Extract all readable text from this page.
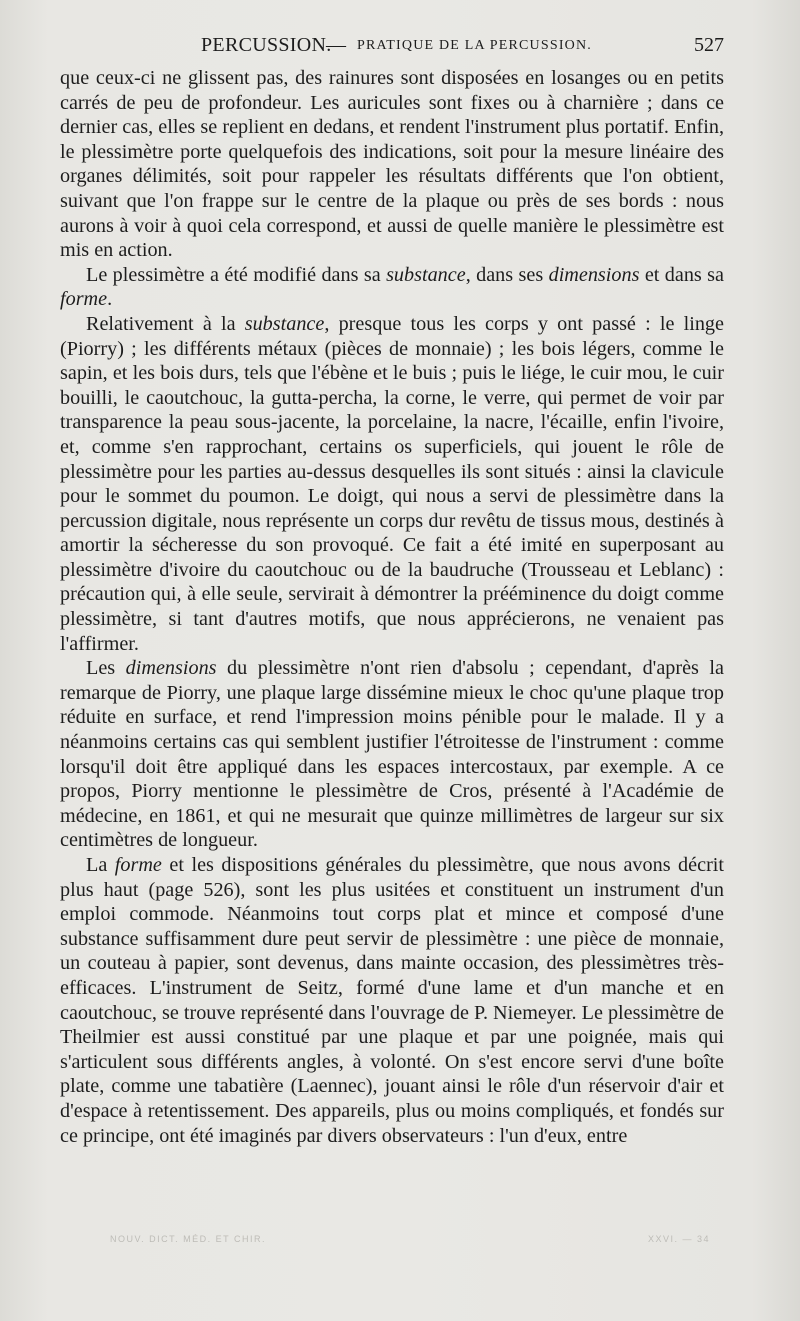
PERCUSSION.
— PRATIQUE DE LA PERCUSSION.	527

que ceux-ci ne glissent pas, des rainures sont disposées en losanges ou en petits carrés de peu de profondeur. Les auricules sont fixes ou à charnière ; dans ce dernier cas, elles se replient en dedans, et rendent l'instrument plus portatif. Enfin, le plessimètre porte quelquefois des indications, soit pour la mesure linéaire des organes délimités, soit pour rappeler les résultats différents que l'on obtient, suivant que l'on frappe sur le centre de la plaque ou près de ses bords : nous aurons à voir à quoi cela correspond, et aussi de quelle manière le plessimètre est mis en action.

Le plessimètre a été modifié dans sa substance, dans ses dimensions et dans sa forme.

Relativement à la substance, presque tous les corps y ont passé : le linge (Piorry) ; les différents métaux (pièces de monnaie) ; les bois légers, comme le sapin, et les bois durs, tels que l'ébène et le buis ; puis le liége, le cuir mou, le cuir bouilli, le caoutchouc, la gutta-percha, la corne, le verre, qui permet de voir par transparence la peau sous-jacente, la porcelaine, la nacre, l'écaille, enfin l'ivoire, et, comme s'en rapprochant, certains os superficiels, qui jouent le rôle de plessimètre pour les parties au-dessus desquelles ils sont situés : ainsi la clavicule pour le sommet du poumon. Le doigt, qui nous a servi de plessimètre dans la percussion digitale, nous représente un corps dur revêtu de tissus mous, destinés à amortir la sécheresse du son provoqué. Ce fait a été imité en superposant au plessimètre d'ivoire du caoutchouc ou de la baudruche (Trousseau et Leblanc) : précaution qui, à elle seule, servirait à démontrer la prééminence du doigt comme plessimètre, si tant d'autres motifs, que nous apprécierons, ne venaient pas l'affirmer.

Les dimensions du plessimètre n'ont rien d'absolu ; cependant, d'après la remarque de Piorry, une plaque large dissémine mieux le choc qu'une plaque trop réduite en surface, et rend l'impression moins pénible pour le malade. Il y a néanmoins certains cas qui semblent justifier l'étroitesse de l'instrument : comme lorsqu'il doit être appliqué dans les espaces intercostaux, par exemple. A ce propos, Piorry mentionne le plessimètre de Cros, présenté à l'Académie de médecine, en 1861, et qui ne mesurait que quinze millimètres de largeur sur six centimètres de longueur.

La forme et les dispositions générales du plessimètre, que nous avons décrit plus haut (page 526), sont les plus usitées et constituent un instrument d'un emploi commode. Néanmoins tout corps plat et mince et composé d'une substance suffisamment dure peut servir de plessimètre : une pièce de monnaie, un couteau à papier, sont devenus, dans mainte occasion, des plessimètres très-efficaces. L'instrument de Seitz, formé d'une lame et d'un manche et en caoutchouc, se trouve représenté dans l'ouvrage de P. Niemeyer. Le plessimètre de Theilmier est aussi constitué par une plaque et par une poignée, mais qui s'articulent sous différents angles, à volonté. On s'est encore servi d'une boîte plate, comme une tabatière (Laennec), jouant ainsi le rôle d'un réservoir d'air et d'espace à retentissement. Des appareils, plus ou moins compliqués, et fondés sur ce principe, ont été imaginés par divers observateurs : l'un d'eux, entre

NOUV. DICT. MÉD. ET CHIR.	XXVI. — 34
